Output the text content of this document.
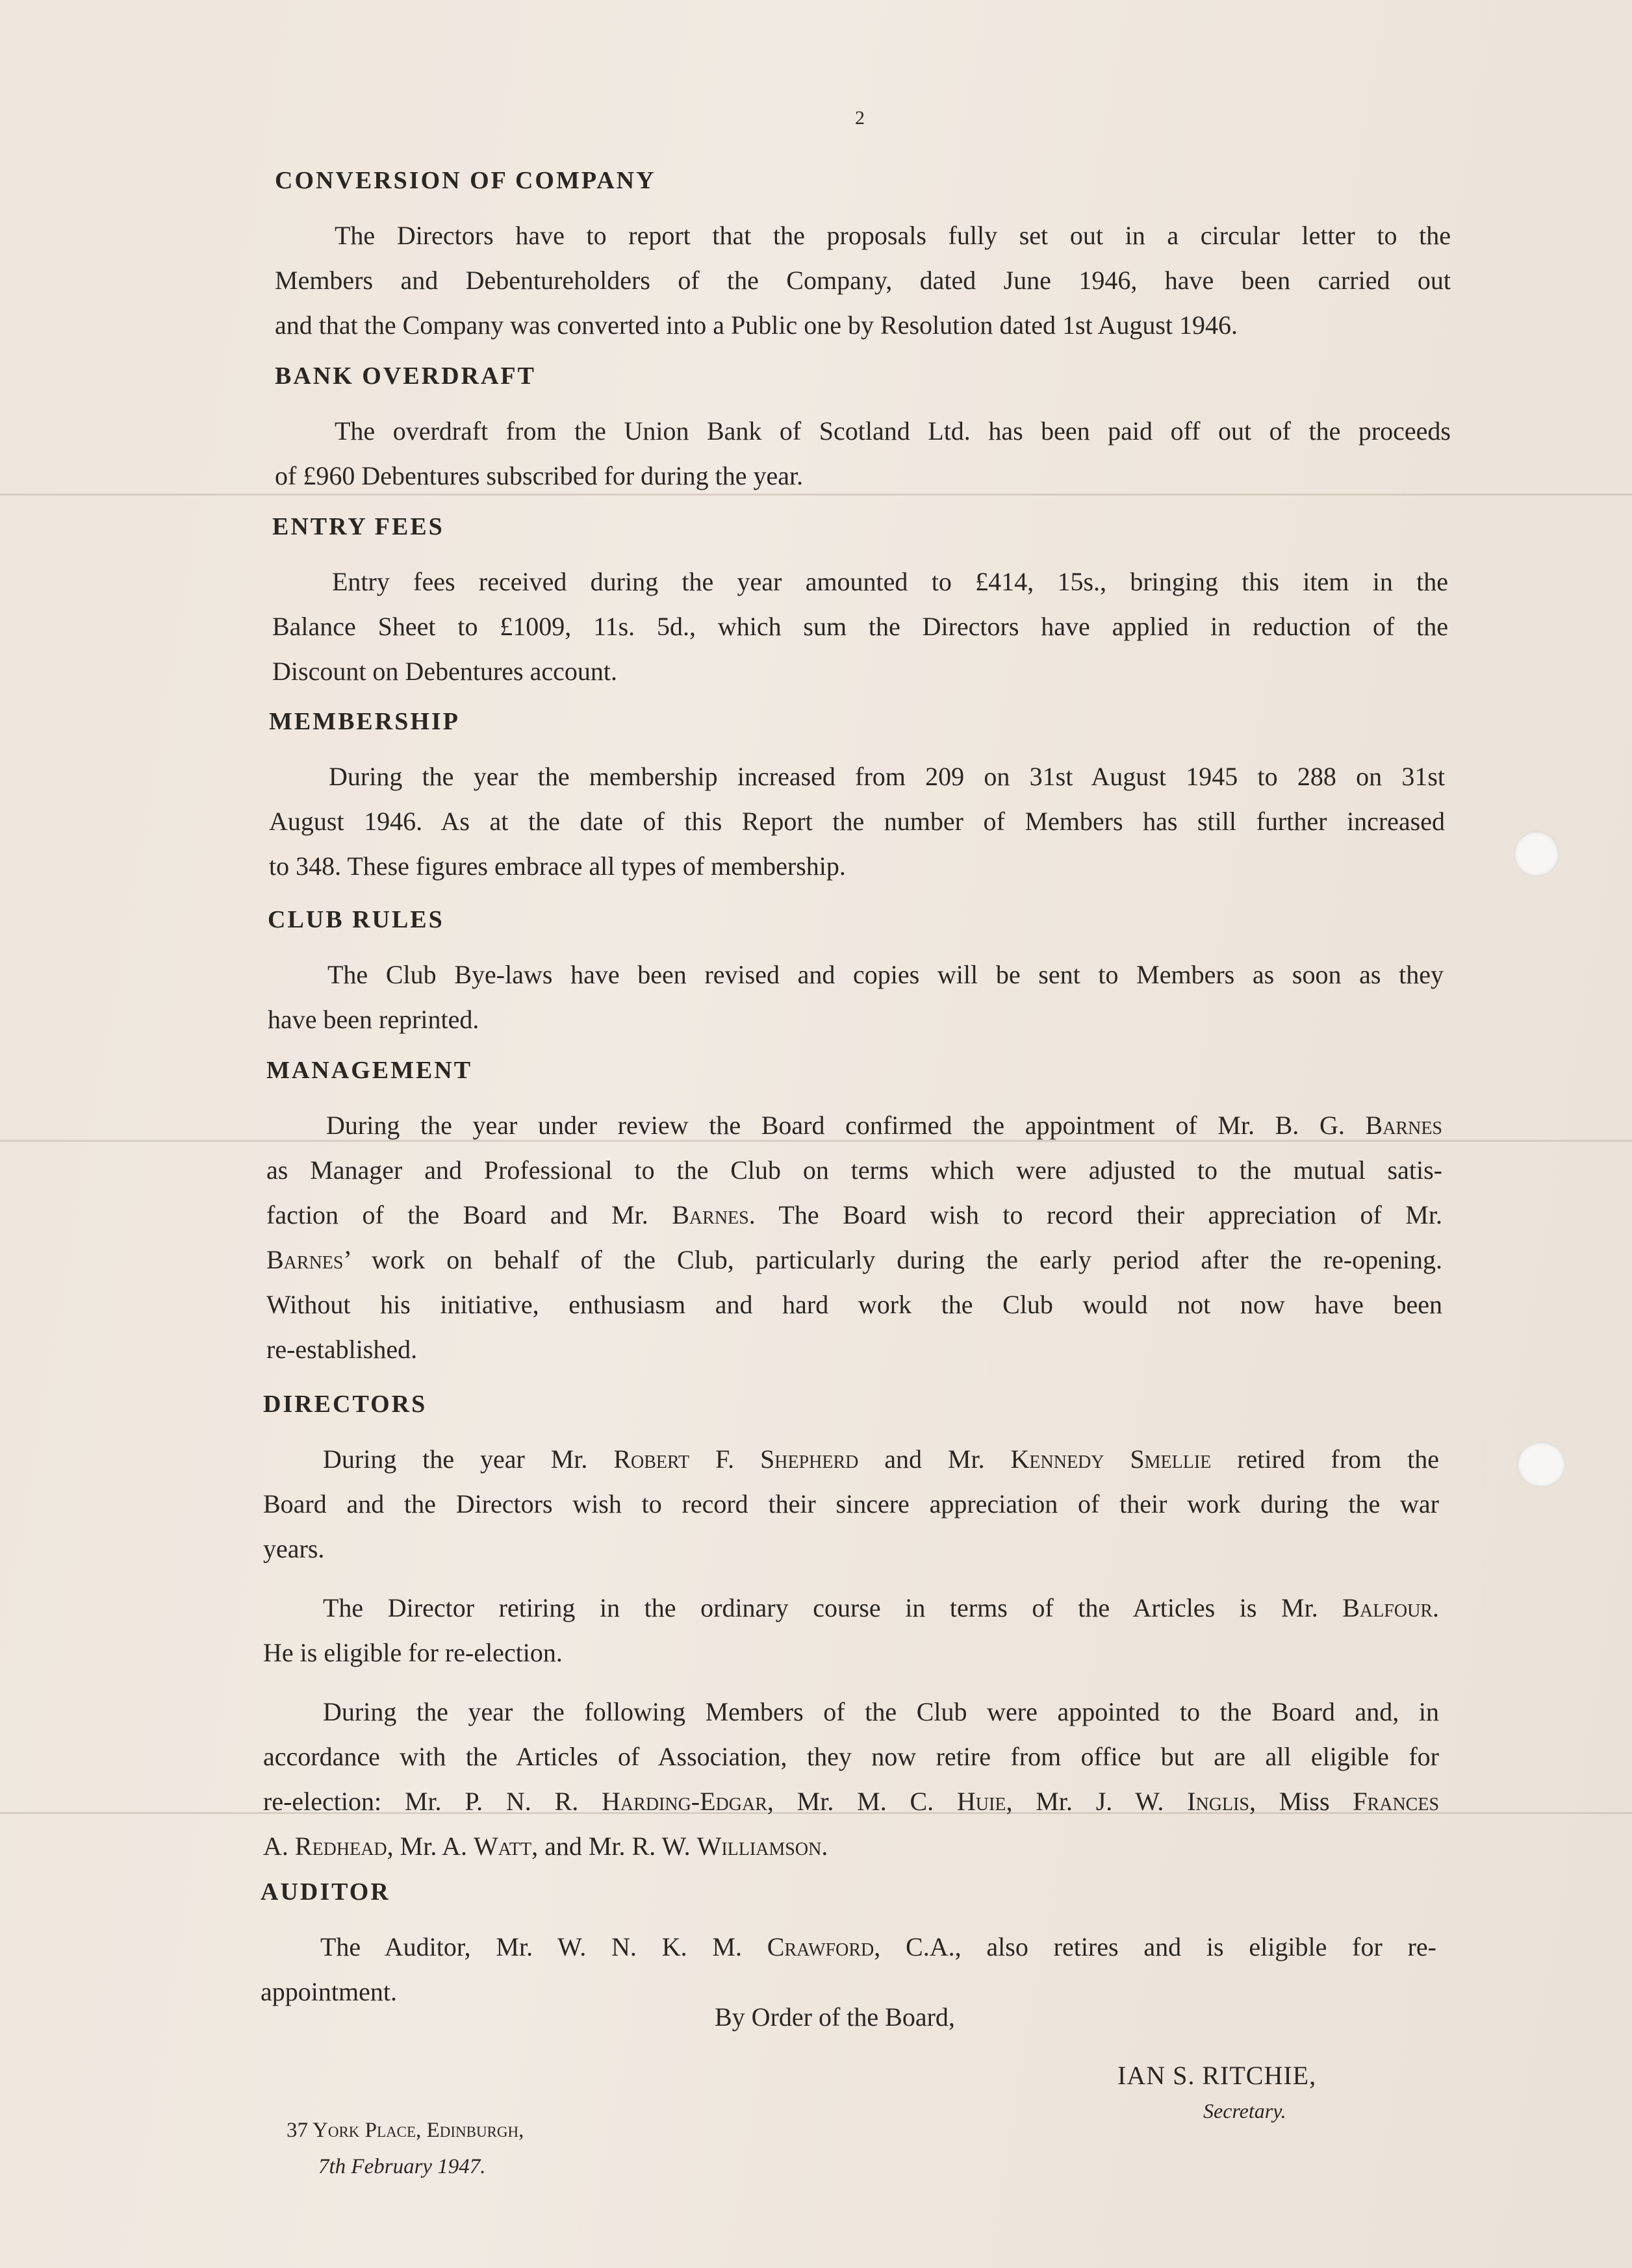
2
CONVERSION OF COMPANY
The Directors have to report that the proposals fully set out in a circular letter to the
Members and Debentureholders of the Company, dated June 1946, have been carried out
and that the Company was converted into a Public one by Resolution dated 1st August 1946.
BANK OVERDRAFT
The overdraft from the Union Bank of Scotland Ltd. has been paid off out of the proceeds
of £960 Debentures subscribed for during the year.
ENTRY FEES
Entry fees received during the year amounted to £414, 15s., bringing this item in the
Balance Sheet to £1009, 11s. 5d., which sum the Directors have applied in reduction of the
Discount on Debentures account.
MEMBERSHIP
During the year the membership increased from 209 on 31st August 1945 to 288 on 31st
August 1946. As at the date of this Report the number of Members has still further increased
to 348. These figures embrace all types of membership.
CLUB RULES
The Club Bye-laws have been revised and copies will be sent to Members as soon as they
have been reprinted.
MANAGEMENT
During the year under review the Board confirmed the appointment of Mr. B. G. Barnes
as Manager and Professional to the Club on terms which were adjusted to the mutual satis-
faction of the Board and Mr. Barnes. The Board wish to record their appreciation of Mr.
Barnes’ work on behalf of the Club, particularly during the early period after the re-opening.
Without his initiative, enthusiasm and hard work the Club would not now have been
re-established.
DIRECTORS
During the year Mr. Robert F. Shepherd and Mr. Kennedy Smellie retired from the
Board and the Directors wish to record their sincere appreciation of their work during the war
years.
The Director retiring in the ordinary course in terms of the Articles is Mr. Balfour.
He is eligible for re-election.
During the year the following Members of the Club were appointed to the Board and, in
accordance with the Articles of Association, they now retire from office but are all eligible for
re-election: Mr. P. N. R. Harding-Edgar, Mr. M. C. Huie, Mr. J. W. Inglis, Miss Frances
A. Redhead, Mr. A. Watt, and Mr. R. W. Williamson.
AUDITOR
The Auditor, Mr. W. N. K. M. Crawford, C.A., also retires and is eligible for re-
appointment.
By Order of the Board,
IAN S. RITCHIE,
Secretary.
37 York Place, Edinburgh,
7th February 1947.
